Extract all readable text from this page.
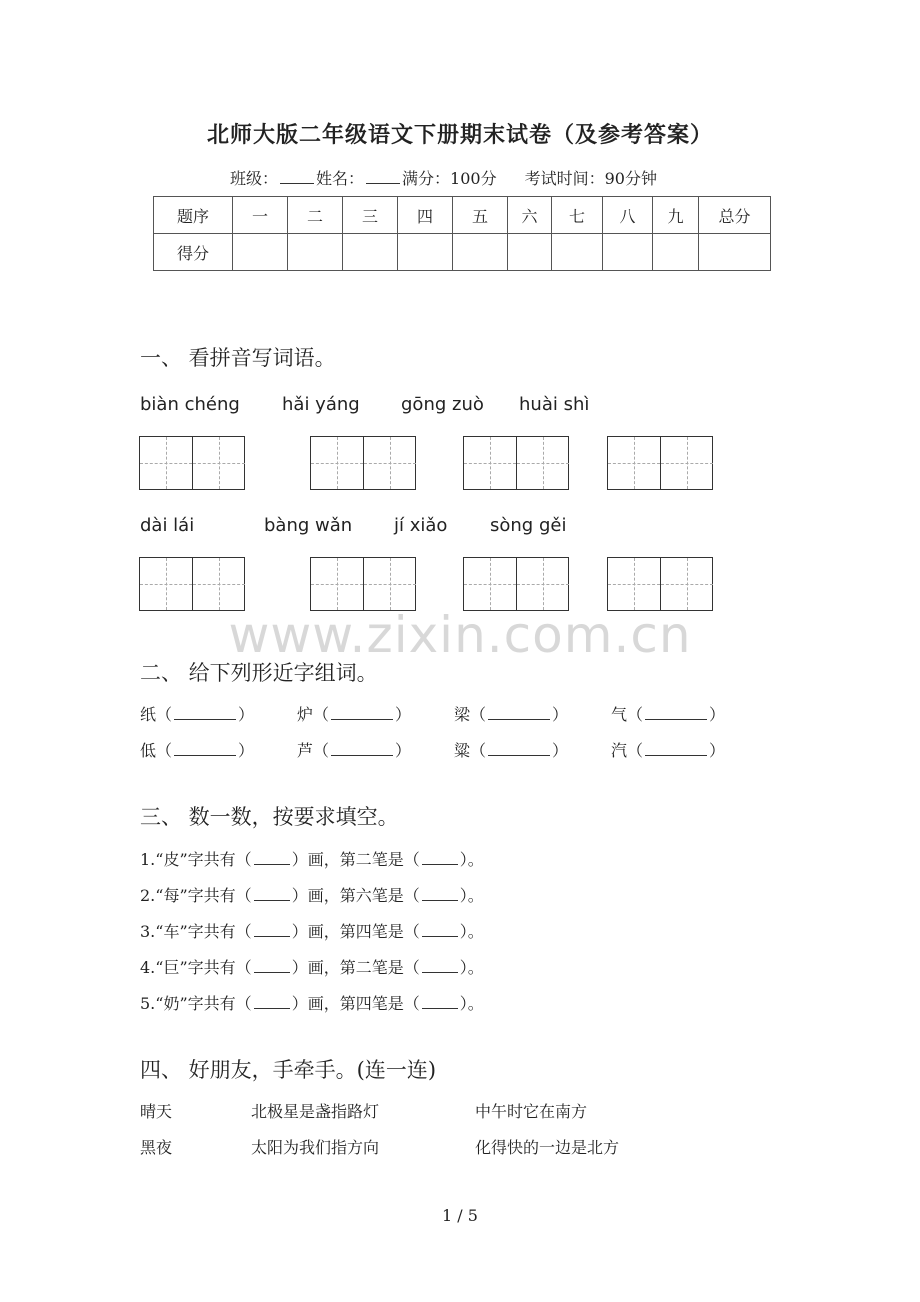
北师大版二年级语文下册期末试卷（及参考答案）
班级： 姓名： 满分：100分 考试时间：90分钟
题序	一	二	三	四	五	六	七	八	九	总分
得分										
一、 看拼音写词语。
biàn chéng hǎi yáng gōng zuò huài shì
dài lái	bàng wǎn jí xiǎo sòng gěi
www.zixin.com.cn
二、 给下列形近字组词。
纸（	）	炉（	）	梁（	）	气（	）
低（	）	芦（	）	粱（	）	汽（	）
三、 数一数，按要求填空。
1.“皮”字共有（	）画，第二笔是（	）。
2.“每”字共有（	）画，第六笔是（	）。
3.“车”字共有（	）画，第四笔是（	）。
4.“巨”字共有（	）画，第二笔是（	）。
5.“奶”字共有（	）画，第四笔是（	）。
四、 好朋友，手牵手。(连一连)
晴天	北极星是盏指路灯	中午时它在南方
黑夜	太阳为我们指方向	化得快的一边是北方
1 / 5
